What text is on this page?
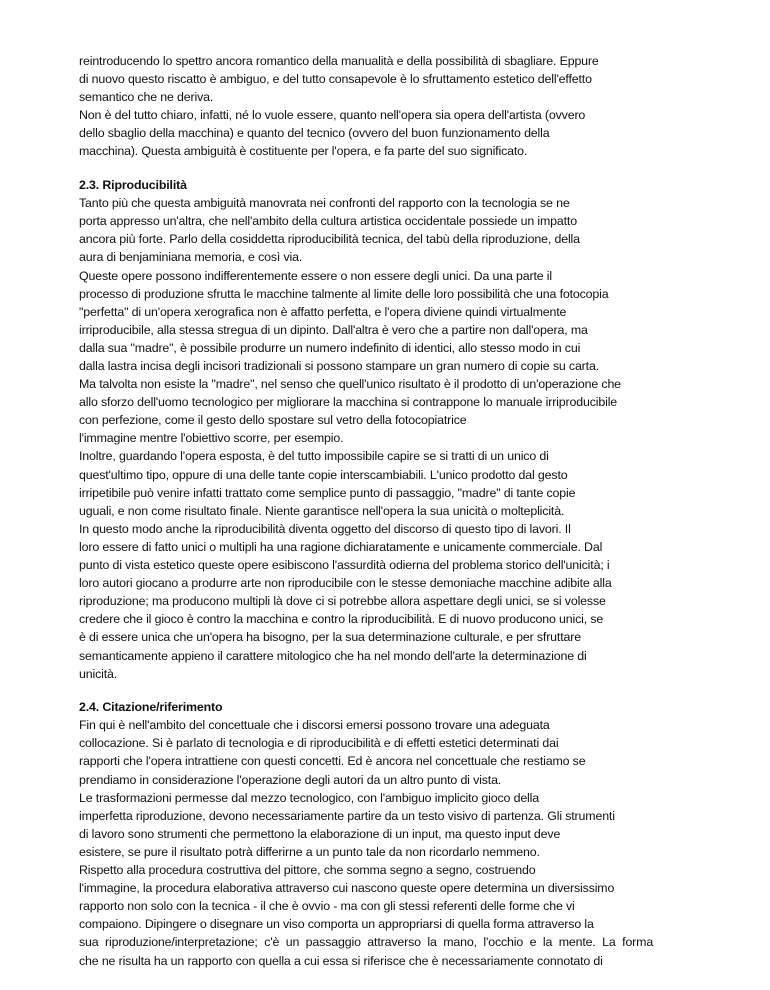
reintroducendo lo spettro ancora romantico della manualità e della possibilità di sbagliare. Eppure
di nuovo questo riscatto è ambiguo, e del tutto consapevole è lo sfruttamento estetico dell'effetto
semantico che ne deriva.
Non è del tutto chiaro, infatti, né lo vuole essere, quanto nell'opera sia opera dell'artista (ovvero
dello sbaglio della macchina) e quanto del tecnico (ovvero del buon funzionamento della
macchina). Questa ambiguità è costituente per l'opera, e fa parte del suo significato.
2.3. Riproducibilità
Tanto più che questa ambiguità manovrata nei confronti del rapporto con la tecnologia se ne
porta appresso un'altra, che nell'ambito della cultura artistica occidentale possiede un impatto
ancora più forte. Parlo della cosiddetta riproducibilità tecnica, del tabù della riproduzione, della
aura di benjaminiana memoria, e così via.
Queste opere possono indifferentemente essere o non essere degli unici. Da una parte il
processo di produzione sfrutta le macchine talmente al limite delle loro possibilità che una fotocopia
"perfetta" di un'opera xerografica non è affatto perfetta, e l'opera diviene quindi virtualmente
irriproducibile, alla stessa stregua di un dipinto. Dall'altra è vero che a partire non dall'opera, ma
dalla sua "madre", è possibile produrre un numero indefinito di identici, allo stesso modo in cui
dalla lastra incisa degli incisori tradizionali si possono stampare un gran numero di copie su carta.
Ma talvolta non esiste la "madre", nel senso che quell'unico risultato è il prodotto di un'operazione che
allo sforzo dell'uomo tecnologico per migliorare la macchina si contrappone lo manuale irriproducibile
con perfezione, come il gesto dello spostare sul vetro della fotocopiatrice
l'immagine mentre l'obiettivo scorre, per esempio.
Inoltre, guardando l'opera esposta, è del tutto impossibile capire se si tratti di un unico di
quest'ultimo tipo, oppure di una delle tante copie interscambiabili. L'unico prodotto dal gesto
irripetibile può venire infatti trattato come semplice punto di passaggio, "madre" di tante copie
uguali, e non come risultato finale. Niente garantisce nell'opera la sua unicità o molteplicità.
In questo modo anche la riproducibilità diventa oggetto del discorso di questo tipo di lavori. Il
loro essere di fatto unici o multipli ha una ragione dichiaratamente e unicamente commerciale. Dal
punto di vista estetico queste opere esibiscono l'assurdità odierna del problema storico dell'unicità; i
loro autori giocano a produrre arte non riproducibile con le stesse demoniache macchine adibite alla
riproduzione; ma producono multipli là dove ci si potrebbe allora aspettare degli unici, se si volesse
credere che il gioco è contro la macchina e contro la riproducibilità. E di nuovo producono unici, se
è di essere unica che un'opera ha bisogno, per la sua determinazione culturale, e per sfruttare
semanticamente appieno il carattere mitologico che ha nel mondo dell'arte la determinazione di
unicità.
2.4. Citazione/riferimento
Fin qui è nell'ambito del concettuale che i discorsi emersi possono trovare una adeguata
collocazione. Si è parlato di tecnologia e di riproducibilità e di effetti estetici determinati dai
rapporti che l'opera intrattiene con questi concetti. Ed è ancora nel concettuale che restiamo se
prendiamo in considerazione l'operazione degli autori da un altro punto di vista.
Le trasformazioni permesse dal mezzo tecnologico, con l'ambiguo implicito gioco della
imperfetta riproduzione, devono necessariamente partire da un testo visivo di partenza. Gli strumenti
di lavoro sono strumenti che permettono la elaborazione di un input, ma questo input deve
esistere, se pure il risultato potrà differirne a un punto tale da non ricordarlo nemmeno.
Rispetto alla procedura costruttiva del pittore, che somma segno a segno, costruendo
l'immagine, la procedura elaborativa attraverso cui nascono queste opere determina un diversissimo
rapporto non solo con la tecnica - il che è ovvio - ma con gli stessi referenti delle forme che vi
compaiono. Dipingere o disegnare un viso comporta un appropriarsi di quella forma attraverso la
sua riproduzione/interpretazione; c'è un passaggio attraverso la mano, l'occhio e la mente. La forma
che ne risulta ha un rapporto con quella a cui essa si riferisce che è necessariamente connotato di
